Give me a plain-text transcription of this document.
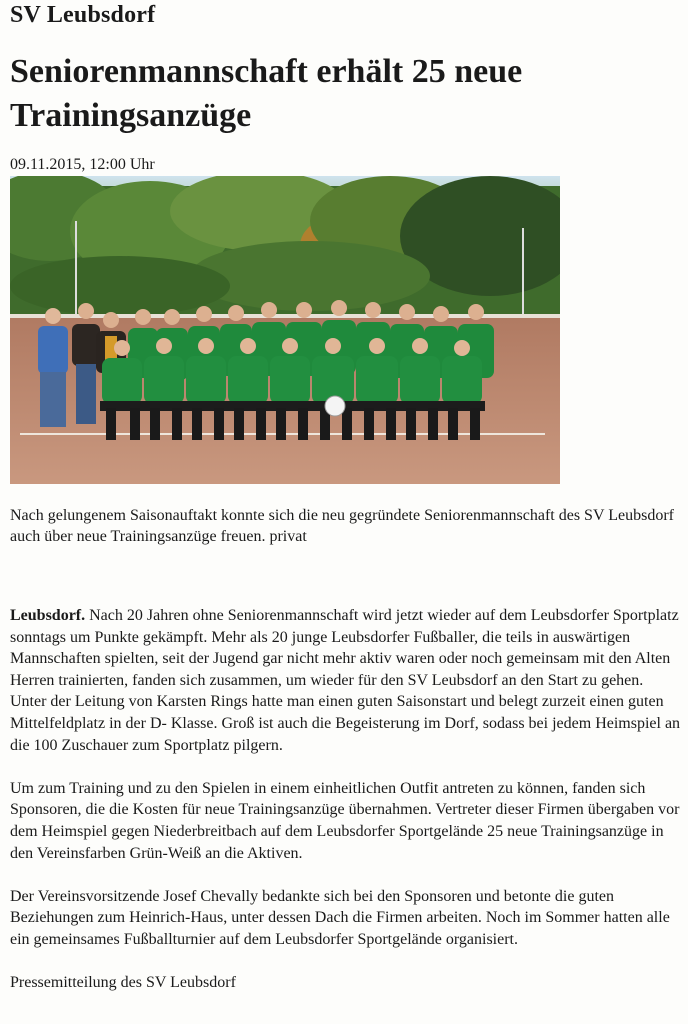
SV Leubsdorf
Seniorenmannschaft erhält 25 neue Trainingsanzüge
09.11.2015, 12:00 Uhr
Nach gelungenem Saisonauftakt konnte sich die neu gegründete Seniorenmannschaft des SV Leubsdorf auch über neue Trainingsanzüge freuen. privat

Leubsdorf. Nach 20 Jahren ohne Seniorenmannschaft wird jetzt wieder auf dem Leubsdorfer Sportplatz sonntags um Punkte gekämpft. Mehr als 20 junge Leubsdorfer Fußballer, die teils in auswärtigen Mannschaften spielten, seit der Jugend gar nicht mehr aktiv waren oder noch gemeinsam mit den Alten Herren trainierten, fanden sich zusammen, um wieder für den SV Leubsdorf an den Start zu gehen. Unter der Leitung von Karsten Rings hatte man einen guten Saisonstart und belegt zurzeit einen guten Mittelfeldplatz in der D- Klasse. Groß ist auch die Begeisterung im Dorf, sodass bei jedem Heimspiel an die 100 Zuschauer zum Sportplatz pilgern.

Um zum Training und zu den Spielen in einem einheitlichen Outfit antreten zu können, fanden sich Sponsoren, die die Kosten für neue Trainingsanzüge übernahmen. Vertreter dieser Firmen übergaben vor dem Heimspiel gegen Niederbreitbach auf dem Leubsdorfer Sportgelände 25 neue Trainingsanzüge in den Vereinsfarben Grün-Weiß an die Aktiven.

Der Vereinsvorsitzende Josef Chevally bedankte sich bei den Sponsoren und betonte die guten Beziehungen zum Heinrich-Haus, unter dessen Dach die Firmen arbeiten. Noch im Sommer hatten alle ein gemeinsames Fußballturnier auf dem Leubsdorfer Sportgelände organisiert.

Pressemitteilung des SV Leubsdorf
